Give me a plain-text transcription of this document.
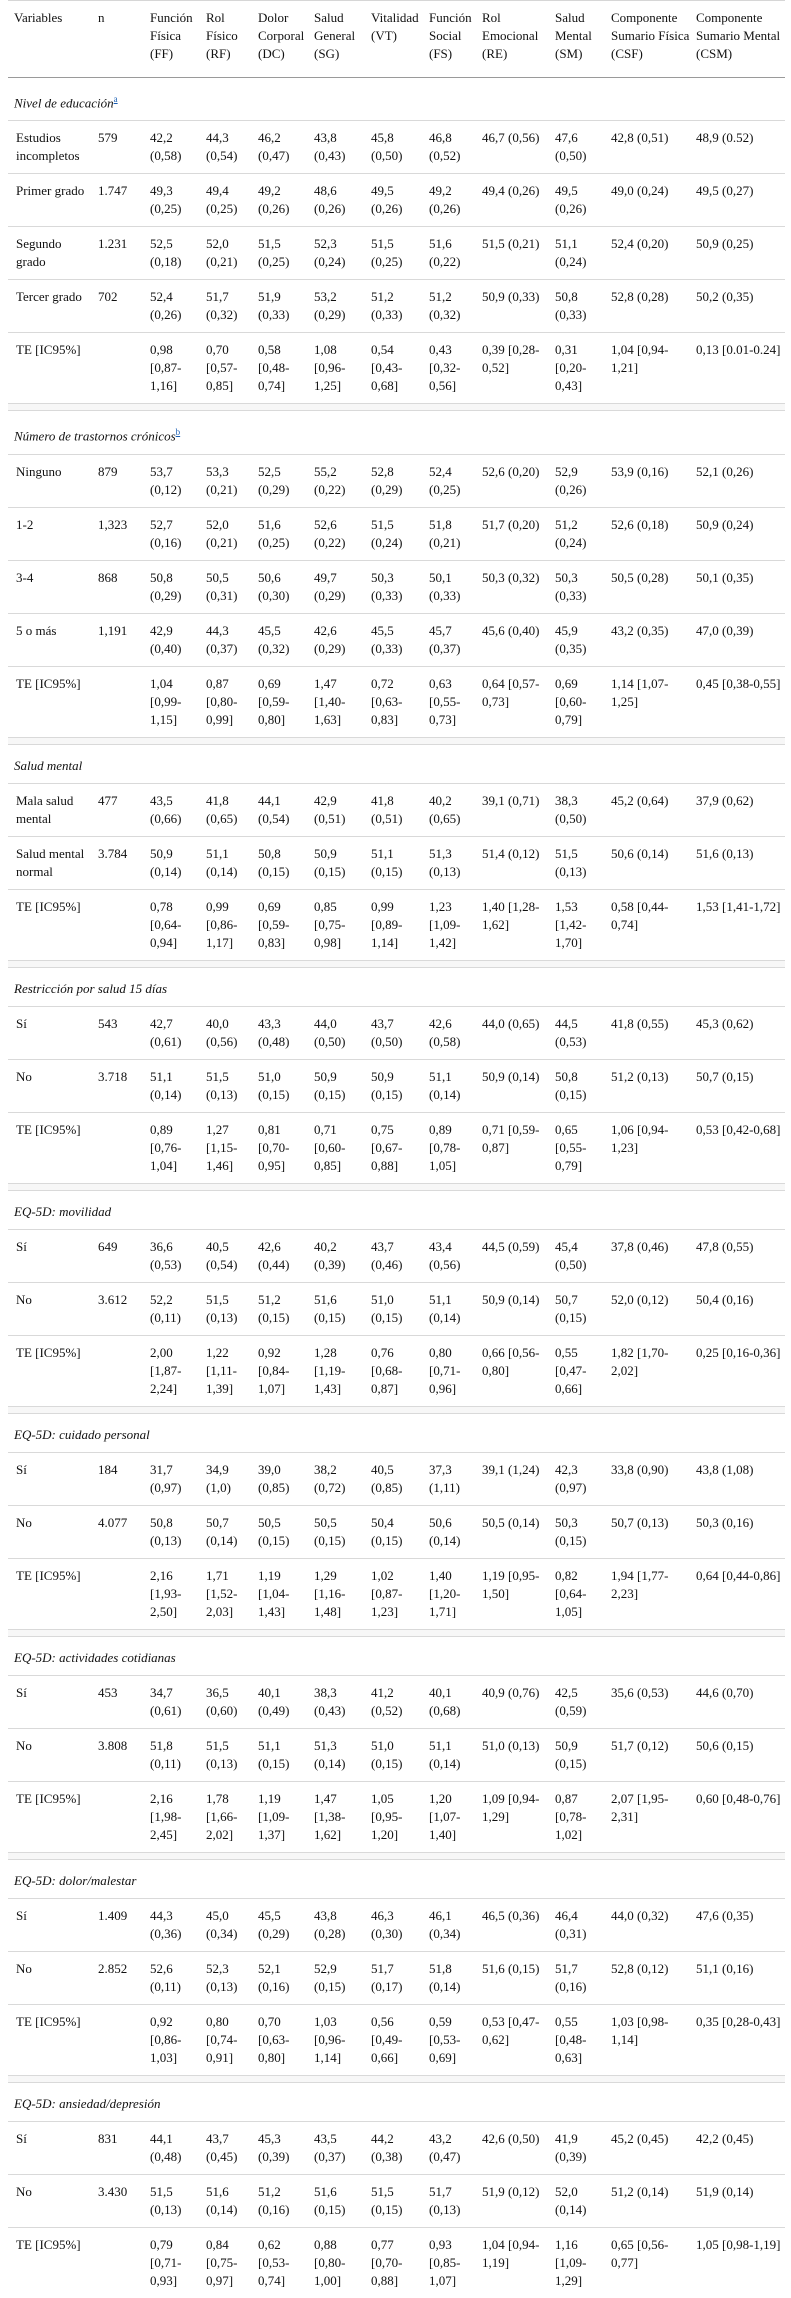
Variables	n	Función Física (FF)	Rol Físico (RF)	Dolor Corporal (DC)	Salud General (SG)	Vitalidad (VT)	Función Social (FS)	Rol Emocional (RE)	Salud Mental (SM)	Componente Sumario Física (CSF)	Componente Sumario Mental (CSM)
Nivel de educación$^a$
Estudios incompletos	579	42,2 (0,58)	44,3 (0,54)	46,2 (0,47)	43,8 (0,43)	45,8 (0,50)	46,8 (0,52)	46,7 (0,56)	47,6 (0,50)	42,8 (0,51)	48,9 (0.52)
Primer grado	1.747	49,3 (0,25)	49,4 (0,25)	49,2 (0,26)	48,6 (0,26)	49,5 (0,26)	49,2 (0,26)	49,4 (0,26)	49,5 (0,26)	49,0 (0,24)	49,5 (0,27)
Segundo grado	1.231	52,5 (0,18)	52,0 (0,21)	51,5 (0,25)	52,3 (0,24)	51,5 (0,25)	51,6 (0,22)	51,5 (0,21)	51,1 (0,24)	52,4 (0,20)	50,9 (0,25)
Tercer grado	702	52,4 (0,26)	51,7 (0,32)	51,9 (0,33)	53,2 (0,29)	51,2 (0,33)	51,2 (0,32)	50,9 (0,33)	50,8 (0,33)	52,8 (0,28)	50,2 (0,35)
TE [IC95%]		0,98 [0,87-1,16]	0,70 [0,57-0,85]	0,58 [0,48-0,74]	1,08 [0,96-1,25]	0,54 [0,43-0,68]	0,43 [0,32-0,56]	0,39 [0,28-0,52]	0,31 [0,20-0,43]	1,04 [0,94-1,21]	0,13 [0.01-0.24]

Número de trastornos crónicos$^b$
Ninguno	879	53,7 (0,12)	53,3 (0,21)	52,5 (0,29)	55,2 (0,22)	52,8 (0,29)	52,4 (0,25)	52,6 (0,20)	52,9 (0,26)	53,9 (0,16)	52,1 (0,26)
1-2	1,323	52,7 (0,16)	52,0 (0,21)	51,6 (0,25)	52,6 (0,22)	51,5 (0,24)	51,8 (0,21)	51,7 (0,20)	51,2 (0,24)	52,6 (0,18)	50,9 (0,24)
3-4	868	50,8 (0,29)	50,5 (0,31)	50,6 (0,30)	49,7 (0,29)	50,3 (0,33)	50,1 (0,33)	50,3 (0,32)	50,3 (0,33)	50,5 (0,28)	50,1 (0,35)
5 o más	1,191	42,9 (0,40)	44,3 (0,37)	45,5 (0,32)	42,6 (0,29)	45,5 (0,33)	45,7 (0,37)	45,6 (0,40)	45,9 (0,35)	43,2 (0,35)	47,0 (0,39)
TE [IC95%]		1,04 [0,99-1,15]	0,87 [0,80-0,99]	0,69 [0,59-0,80]	1,47 [1,40-1,63]	0,72 [0,63-0,83]	0,63 [0,55-0,73]	0,64 [0,57-0,73]	0,69 [0,60-0,79]	1,14 [1,07-1,25]	0,45 [0,38-0,55]

Salud mental											
Mala salud mental	477	43,5 (0,66)	41,8 (0,65)	44,1 (0,54)	42,9 (0,51)	41,8 (0,51)	40,2 (0,65)	39,1 (0,71)	38,3 (0,50)	45,2 (0,64)	37,9 (0,62)
Salud mental normal	3.784	50,9 (0,14)	51,1 (0,14)	50,8 (0,15)	50,9 (0,15)	51,1 (0,15)	51,3 (0,13)	51,4 (0,12)	51,5 (0,13)	50,6 (0,14)	51,6 (0,13)
TE [IC95%]		0,78 [0,64-0,94]	0,99 [0,86-1,17]	0,69 [0,59-0,83]	0,85 [0,75-0,98]	0,99 [0,89-1,14]	1,23 [1,09-1,42]	1,40 [1,28-1,62]	1,53 [1,42-1,70]	0,58 [0,44-0,74]	1,53 [1,41-1,72]

Restricción por salud 15 días											
Sí	543	42,7 (0,61)	40,0 (0,56)	43,3 (0,48)	44,0 (0,50)	43,7 (0,50)	42,6 (0,58)	44,0 (0,65)	44,5 (0,53)	41,8 (0,55)	45,3 (0,62)
No	3.718	51,1 (0,14)	51,5 (0,13)	51,0 (0,15)	50,9 (0,15)	50,9 (0,15)	51,1 (0,14)	50,9 (0,14)	50,8 (0,15)	51,2 (0,13)	50,7 (0,15)
TE [IC95%]		0,89 [0,76-1,04]	1,27 [1,15-1,46]	0,81 [0,70-0,95]	0,71 [0,60-0,85]	0,75 [0,67-0,88]	0,89 [0,78-1,05]	0,71 [0,59-0,87]	0,65 [0,55-0,79]	1,06 [0,94-1,23]	0,53 [0,42-0,68]

EQ-5D: movilidad											
Sí	649	36,6 (0,53)	40,5 (0,54)	42,6 (0,44)	40,2 (0,39)	43,7 (0,46)	43,4 (0,56)	44,5 (0,59)	45,4 (0,50)	37,8 (0,46)	47,8 (0,55)
No	3.612	52,2 (0,11)	51,5 (0,13)	51,2 (0,15)	51,6 (0,15)	51,0 (0,15)	51,1 (0,14)	50,9 (0,14)	50,7 (0,15)	52,0 (0,12)	50,4 (0,16)
TE [IC95%]		2,00 [1,87-2,24]	1,22 [1,11-1,39]	0,92 [0,84-1,07]	1,28 [1,19-1,43]	0,76 [0,68-0,87]	0,80 [0,71-0,96]	0,66 [0,56-0,80]	0,55 [0,47-0,66]	1,82 [1,70-2,02]	0,25 [0,16-0,36]

EQ-5D: cuidado personal											
Sí	184	31,7 (0,97)	34,9 (1,0)	39,0 (0,85)	38,2 (0,72)	40,5 (0,85)	37,3 (1,11)	39,1 (1,24)	42,3 (0,97)	33,8 (0,90)	43,8 (1,08)
No	4.077	50,8 (0,13)	50,7 (0,14)	50,5 (0,15)	50,5 (0,15)	50,4 (0,15)	50,6 (0,14)	50,5 (0,14)	50,3 (0,15)	50,7 (0,13)	50,3 (0,16)
TE [IC95%]		2,16 [1,93-2,50]	1,71 [1,52-2,03]	1,19 [1,04-1,43]	1,29 [1,16-1,48]	1,02 [0,87-1,23]	1,40 [1,20-1,71]	1,19 [0,95-1,50]	0,82 [0,64-1,05]	1,94 [1,77-2,23]	0,64 [0,44-0,86]

EQ-5D: actividades cotidianas											
Sí	453	34,7 (0,61)	36,5 (0,60)	40,1 (0,49)	38,3 (0,43)	41,2 (0,52)	40,1 (0,68)	40,9 (0,76)	42,5 (0,59)	35,6 (0,53)	44,6 (0,70)
No	3.808	51,8 (0,11)	51,5 (0,13)	51,1 (0,15)	51,3 (0,14)	51,0 (0,15)	51,1 (0,14)	51,0 (0,13)	50,9 (0,15)	51,7 (0,12)	50,6 (0,15)
TE [IC95%]		2,16 [1,98-2,45]	1,78 [1,66-2,02]	1,19 [1,09-1,37]	1,47 [1,38-1,62]	1,05 [0,95-1,20]	1,20 [1,07-1,40]	1,09 [0,94-1,29]	0,87 [0,78-1,02]	2,07 [1,95-2,31]	0,60 [0,48-0,76]

EQ-5D: dolor/malestar											
Sí	1.409	44,3 (0,36)	45,0 (0,34)	45,5 (0,29)	43,8 (0,28)	46,3 (0,30)	46,1 (0,34)	46,5 (0,36)	46,4 (0,31)	44,0 (0,32)	47,6 (0,35)
No	2.852	52,6 (0,11)	52,3 (0,13)	52,1 (0,16)	52,9 (0,15)	51,7 (0,17)	51,8 (0,14)	51,6 (0,15)	51,7 (0,16)	52,8 (0,12)	51,1 (0,16)
TE [IC95%]		0,92 [0,86-1,03]	0,80 [0,74-0,91]	0,70 [0,63-0,80]	1,03 [0,96-1,14]	0,56 [0,49-0,66]	0,59 [0,53-0,69]	0,53 [0,47-0,62]	0,55 [0,48-0,63]	1,03 [0,98-1,14]	0,35 [0,28-0,43]

EQ-5D: ansiedad/depresión											
Sí	831	44,1 (0,48)	43,7 (0,45)	45,3 (0,39)	43,5 (0,37)	44,2 (0,38)	43,2 (0,47)	42,6 (0,50)	41,9 (0,39)	45,2 (0,45)	42,2 (0,45)
No	3.430	51,5 (0,13)	51,6 (0,14)	51,2 (0,16)	51,6 (0,15)	51,5 (0,15)	51,7 (0,13)	51,9 (0,12)	52,0 (0,14)	51,2 (0,14)	51,9 (0,14)
TE [IC95%]		0,79 [0,71-0,93]	0,84 [0,75-0,97]	0,62 [0,53-0,74]	0,88 [0,80-1,00]	0,77 [0,70-0,88]	0,93 [0,85-1,07]	1,04 [0,94-1,19]	1,16 [1,09-1,29]	0,65 [0,56-0,77]	1,05 [0,98-1,19]
